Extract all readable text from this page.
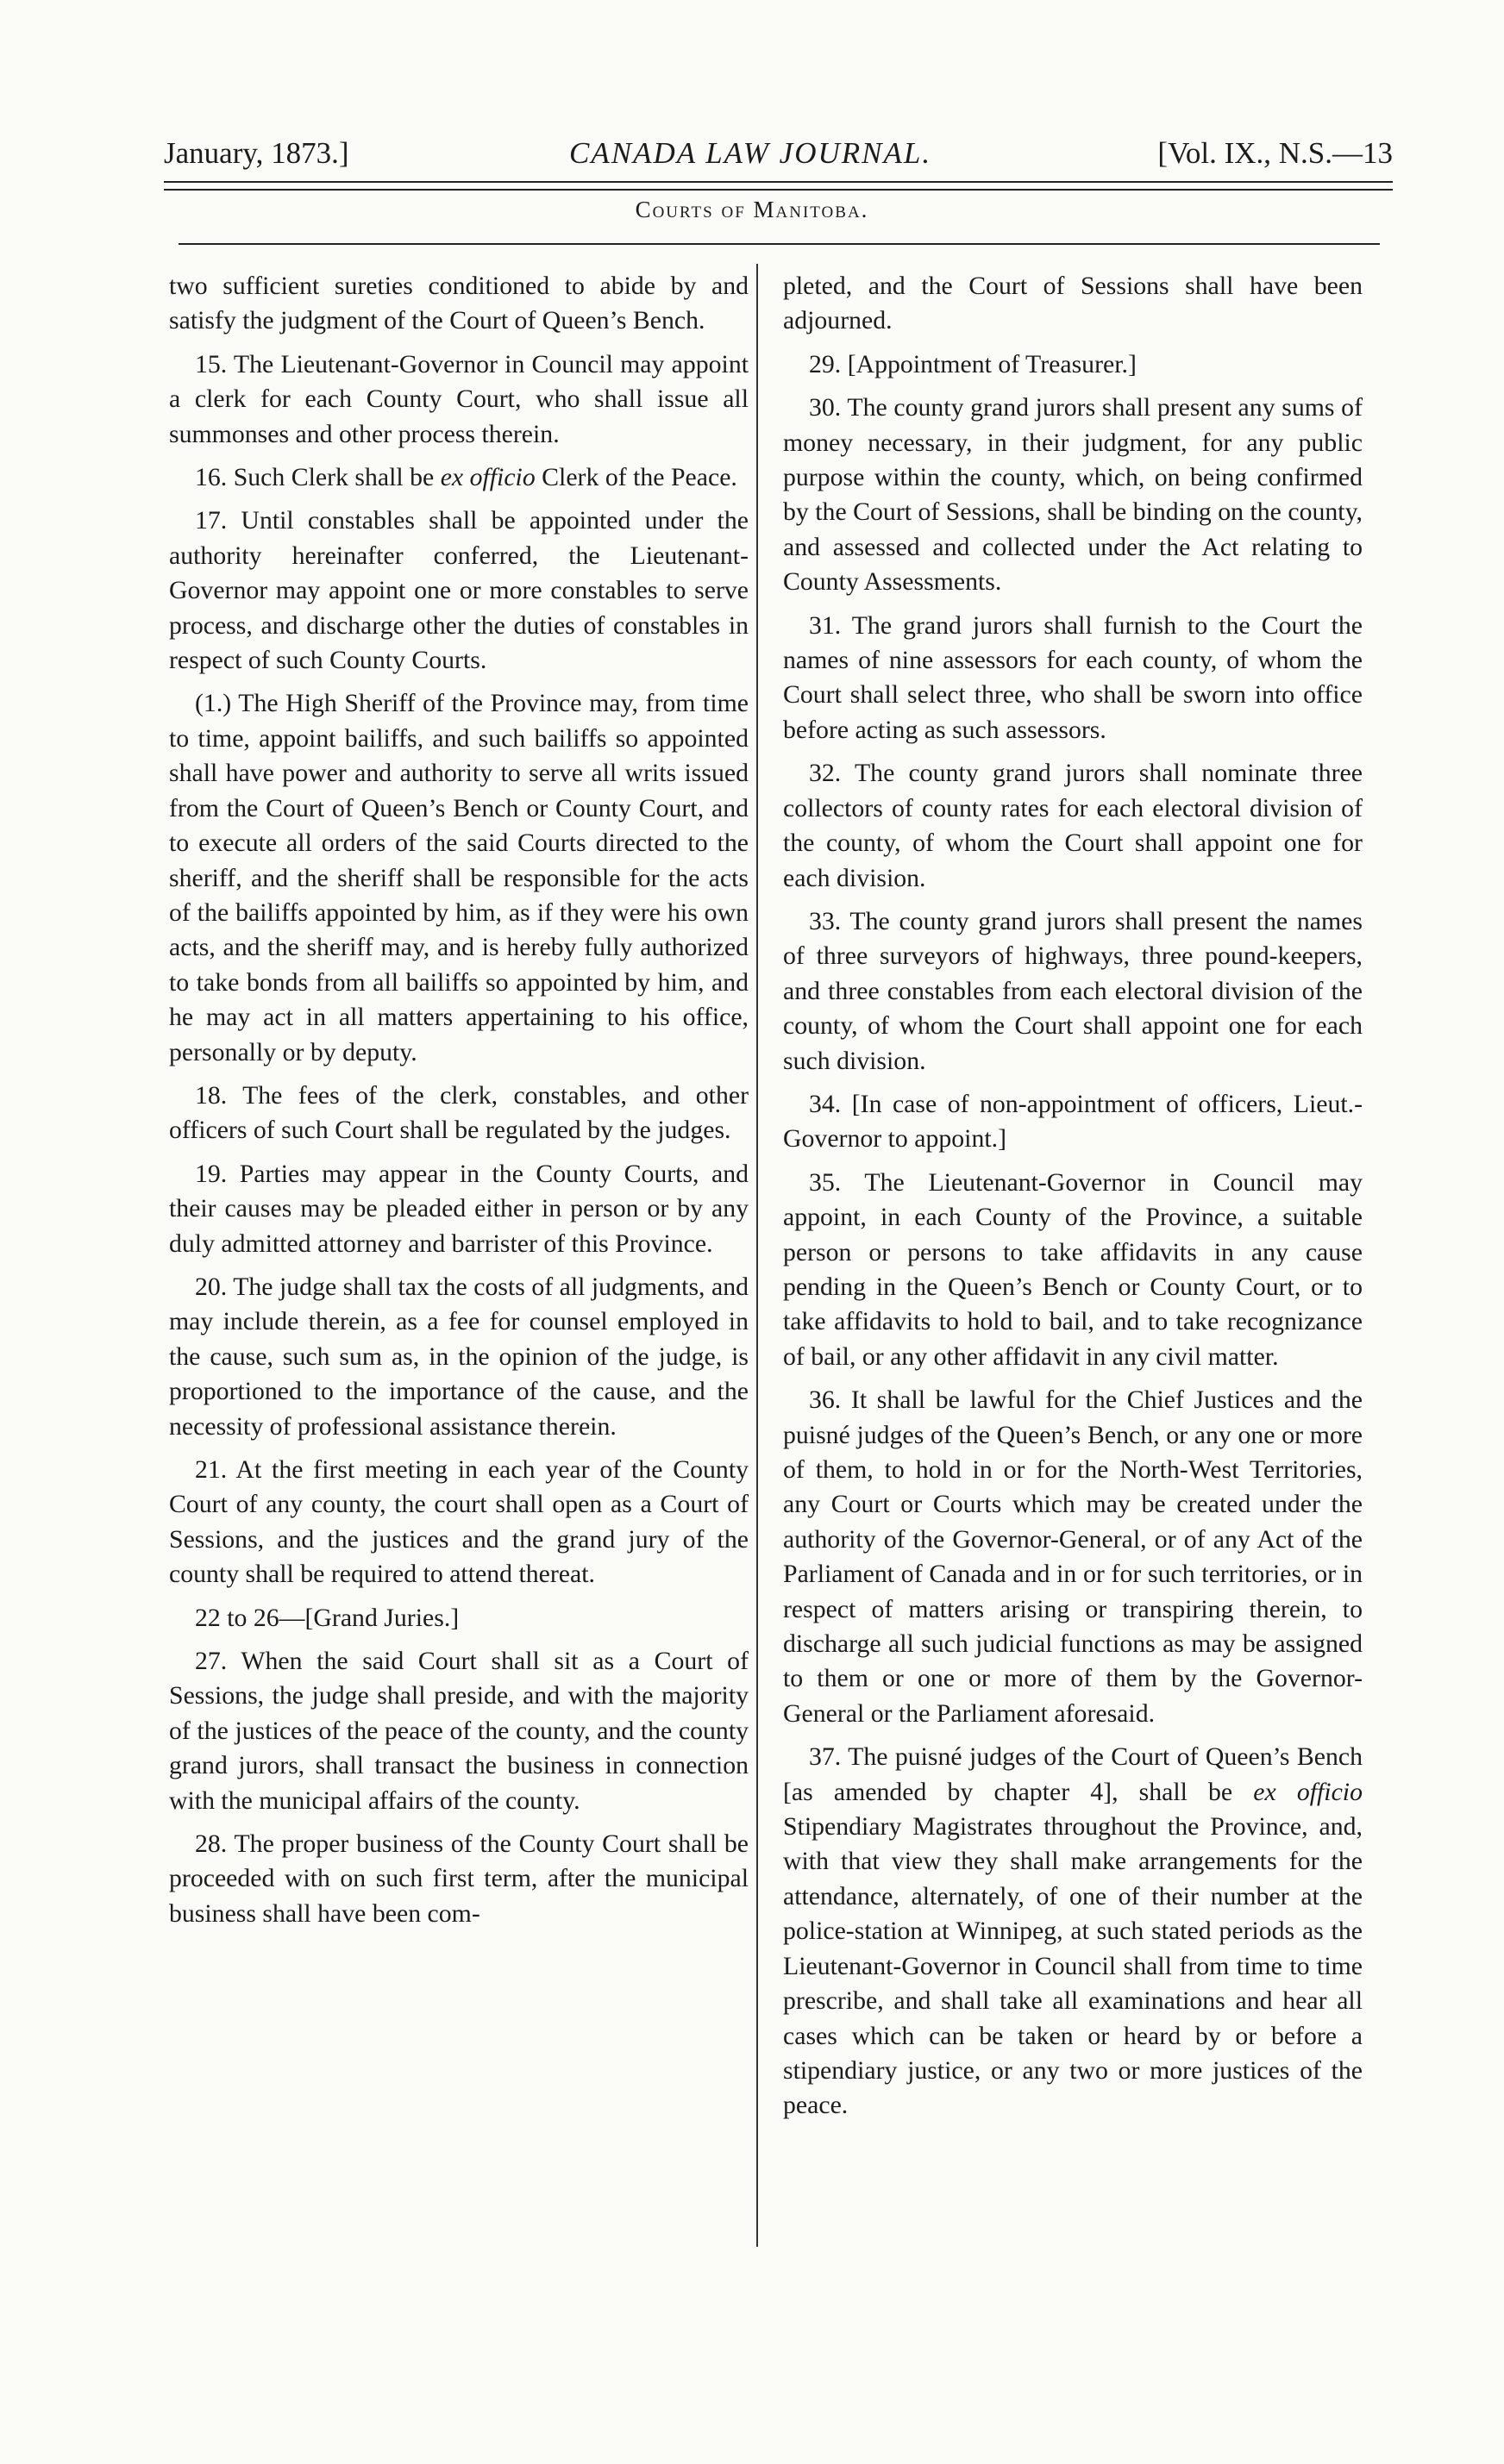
January, 1873.]	CANADA LAW JOURNAL.	[Vol. IX., N.S.—13
Courts of Manitoba.

two sufficient sureties conditioned to abide by and satisfy the judgment of the Court of Queen’s Bench.

15. The Lieutenant-Governor in Council may appoint a clerk for each County Court, who shall issue all summonses and other process therein.

16. Such Clerk shall be ex officio Clerk of the Peace.

17. Until constables shall be appointed under the authority hereinafter conferred, the Lieutenant-Governor may appoint one or more constables to serve process, and discharge other the duties of constables in respect of such County Courts.

(1.) The High Sheriff of the Province may, from time to time, appoint bailiffs, and such bailiffs so appointed shall have power and authority to serve all writs issued from the Court of Queen’s Bench or County Court, and to execute all orders of the said Courts directed to the sheriff, and the sheriff shall be responsible for the acts of the bailiffs appointed by him, as if they were his own acts, and the sheriff may, and is hereby fully authorized to take bonds from all bailiffs so appointed by him, and he may act in all matters appertaining to his office, personally or by deputy.

18. The fees of the clerk, constables, and other officers of such Court shall be regulated by the judges.

19. Parties may appear in the County Courts, and their causes may be pleaded either in person or by any duly admitted attorney and barrister of this Province.

20. The judge shall tax the costs of all judgments, and may include therein, as a fee for counsel employed in the cause, such sum as, in the opinion of the judge, is proportioned to the importance of the cause, and the necessity of professional assistance therein.

21. At the first meeting in each year of the County Court of any county, the court shall open as a Court of Sessions, and the justices and the grand jury of the county shall be required to attend thereat.

22 to 26—[Grand Juries.]

27. When the said Court shall sit as a Court of Sessions, the judge shall preside, and with the majority of the justices of the peace of the county, and the county grand jurors, shall transact the business in connection with the municipal affairs of the county.

28. The proper business of the County Court shall be proceeded with on such first term, after the municipal business shall have been com-

pleted, and the Court of Sessions shall have been adjourned.

29. [Appointment of Treasurer.]

30. The county grand jurors shall present any sums of money necessary, in their judgment, for any public purpose within the county, which, on being confirmed by the Court of Sessions, shall be binding on the county, and assessed and collected under the Act relating to County Assessments.

31. The grand jurors shall furnish to the Court the names of nine assessors for each county, of whom the Court shall select three, who shall be sworn into office before acting as such assessors.

32. The county grand jurors shall nominate three collectors of county rates for each electoral division of the county, of whom the Court shall appoint one for each division.

33. The county grand jurors shall present the names of three surveyors of highways, three pound-keepers, and three constables from each electoral division of the county, of whom the Court shall appoint one for each such division.

34. [In case of non-appointment of officers, Lieut.-Governor to appoint.]

35. The Lieutenant-Governor in Council may appoint, in each County of the Province, a suitable person or persons to take affidavits in any cause pending in the Queen’s Bench or County Court, or to take affidavits to hold to bail, and to take recognizance of bail, or any other affidavit in any civil matter.

36. It shall be lawful for the Chief Justices and the puisné judges of the Queen’s Bench, or any one or more of them, to hold in or for the North-West Territories, any Court or Courts which may be created under the authority of the Governor-General, or of any Act of the Parliament of Canada and in or for such territories, or in respect of matters arising or transpiring therein, to discharge all such judicial functions as may be assigned to them or one or more of them by the Governor-General or the Parliament aforesaid.

37. The puisné judges of the Court of Queen’s Bench [as amended by chapter 4], shall be ex officio Stipendiary Magistrates throughout the Province, and, with that view they shall make arrangements for the attendance, alternately, of one of their number at the police-station at Winnipeg, at such stated periods as the Lieutenant-Governor in Council shall from time to time prescribe, and shall take all examinations and hear all cases which can be taken or heard by or before a stipendiary justice, or any two or more justices of the peace.
